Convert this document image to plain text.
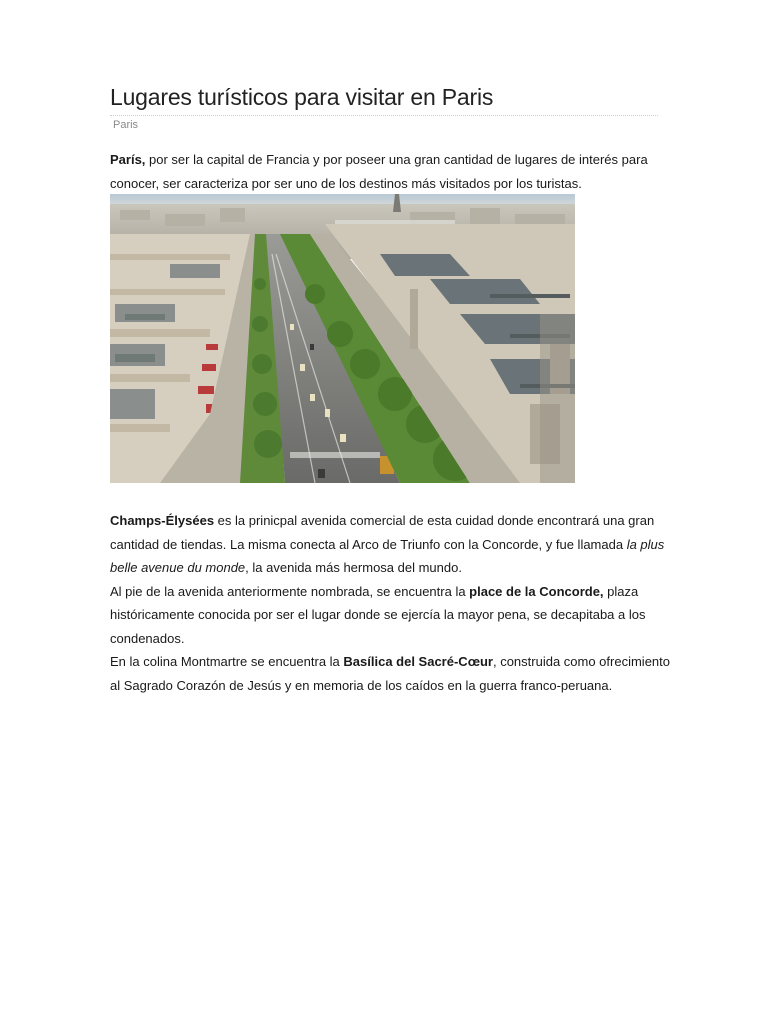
Lugares turísticos para visitar en Paris
Paris

París, por ser la capital de Francia y por poseer una gran cantidad de lugares de interés para conocer, ser caracteriza por ser uno de los destinos más visitados por los turistas.

Champs-Élysées es la prinicpal avenida comercial de esta cuidad donde encontrará una gran cantidad de tiendas. La misma conecta al Arco de Triunfo con la Concorde, y fue llamada la plus belle avenue du monde, la avenida más hermosa del mundo.

Al pie de la avenida anteriormente nombrada, se encuentra la place de la Concorde, plaza históricamente conocida por ser el lugar donde se ejercía la mayor pena, se decapitaba a los condenados.

En la colina Montmartre se encuentra la Basílica del Sacré-Cœur, construida como ofrecimiento al Sagrado Corazón de Jesús y en memoria de los caídos en la guerra franco-peruana.
